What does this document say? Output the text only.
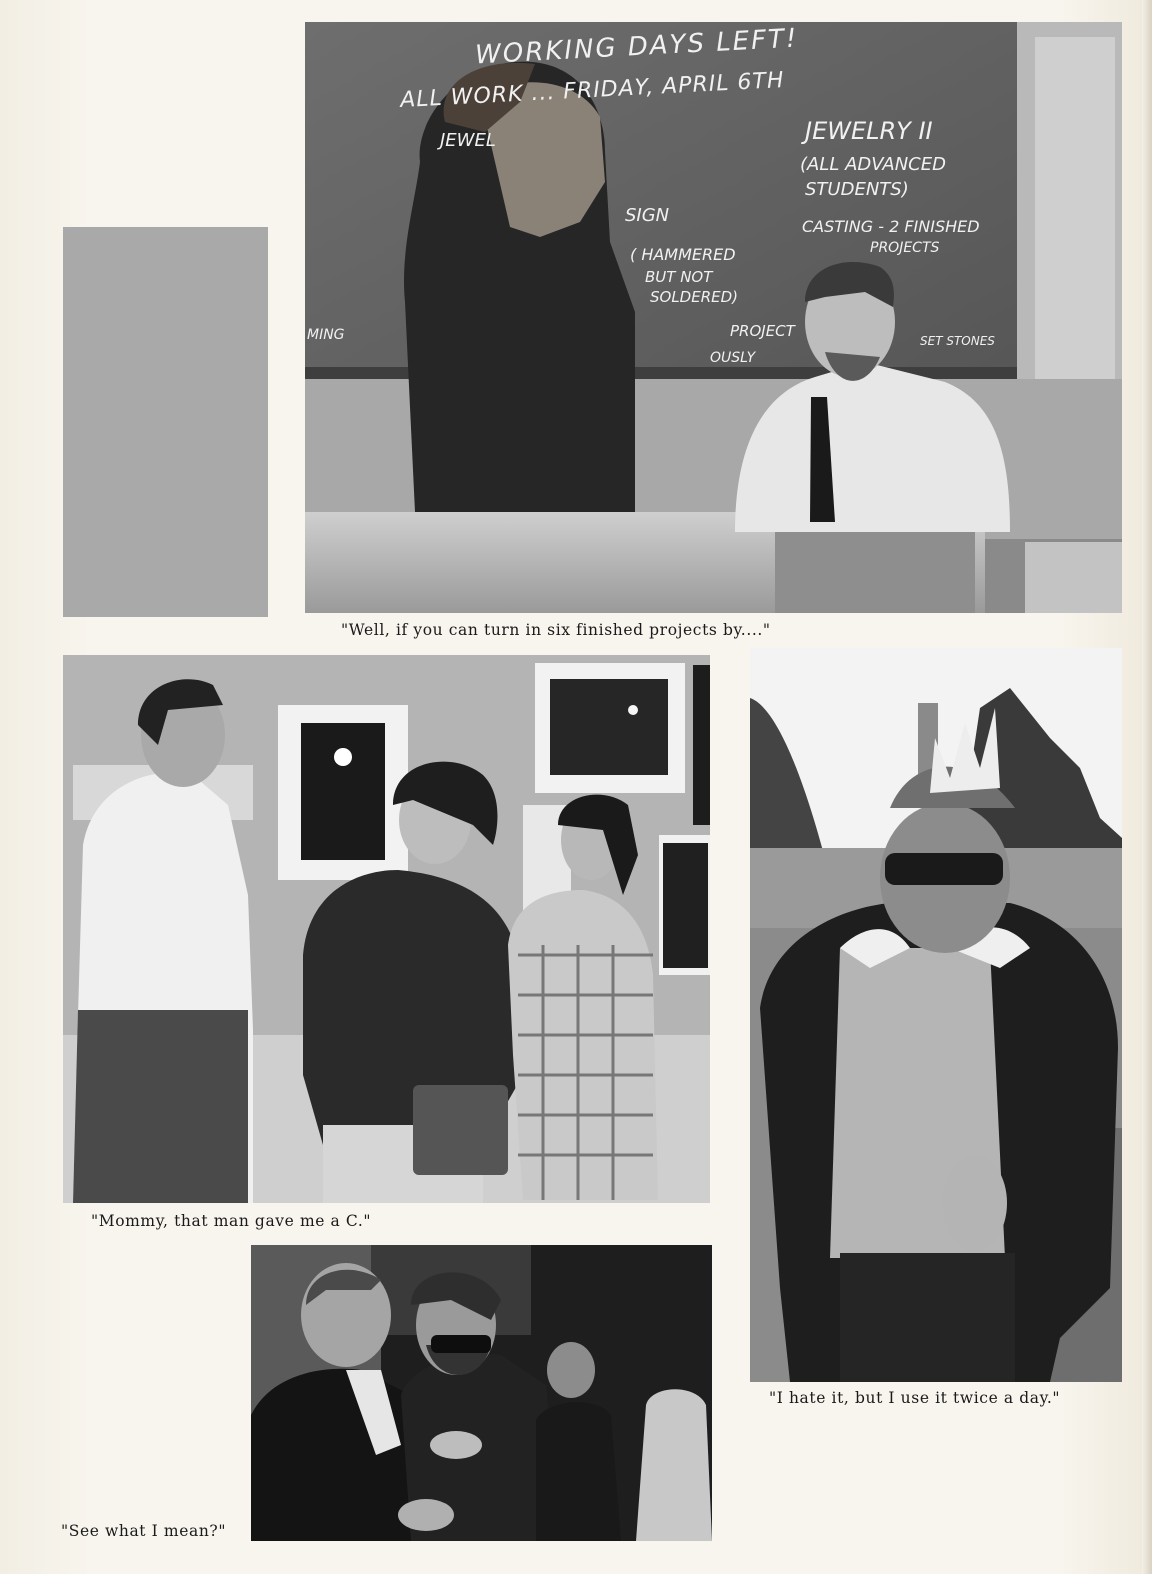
WORKING DAYS LEFT!
ALL WORK ... FRIDAY, APRIL 6TH
JEWELRY II
(ALL ADVANCED
STUDENTS)
CASTING - 2 FINISHED
PROJECTS
SET STONES
JEWEL
SIGN
( HAMMERED
BUT NOT
SOLDERED)
PROJECT
OUSLY
MING
"Well, if you can turn in six finished projects by...."
"Mommy, that man gave me a C."
"I hate it, but I use it twice a day."
"See what I mean?"
